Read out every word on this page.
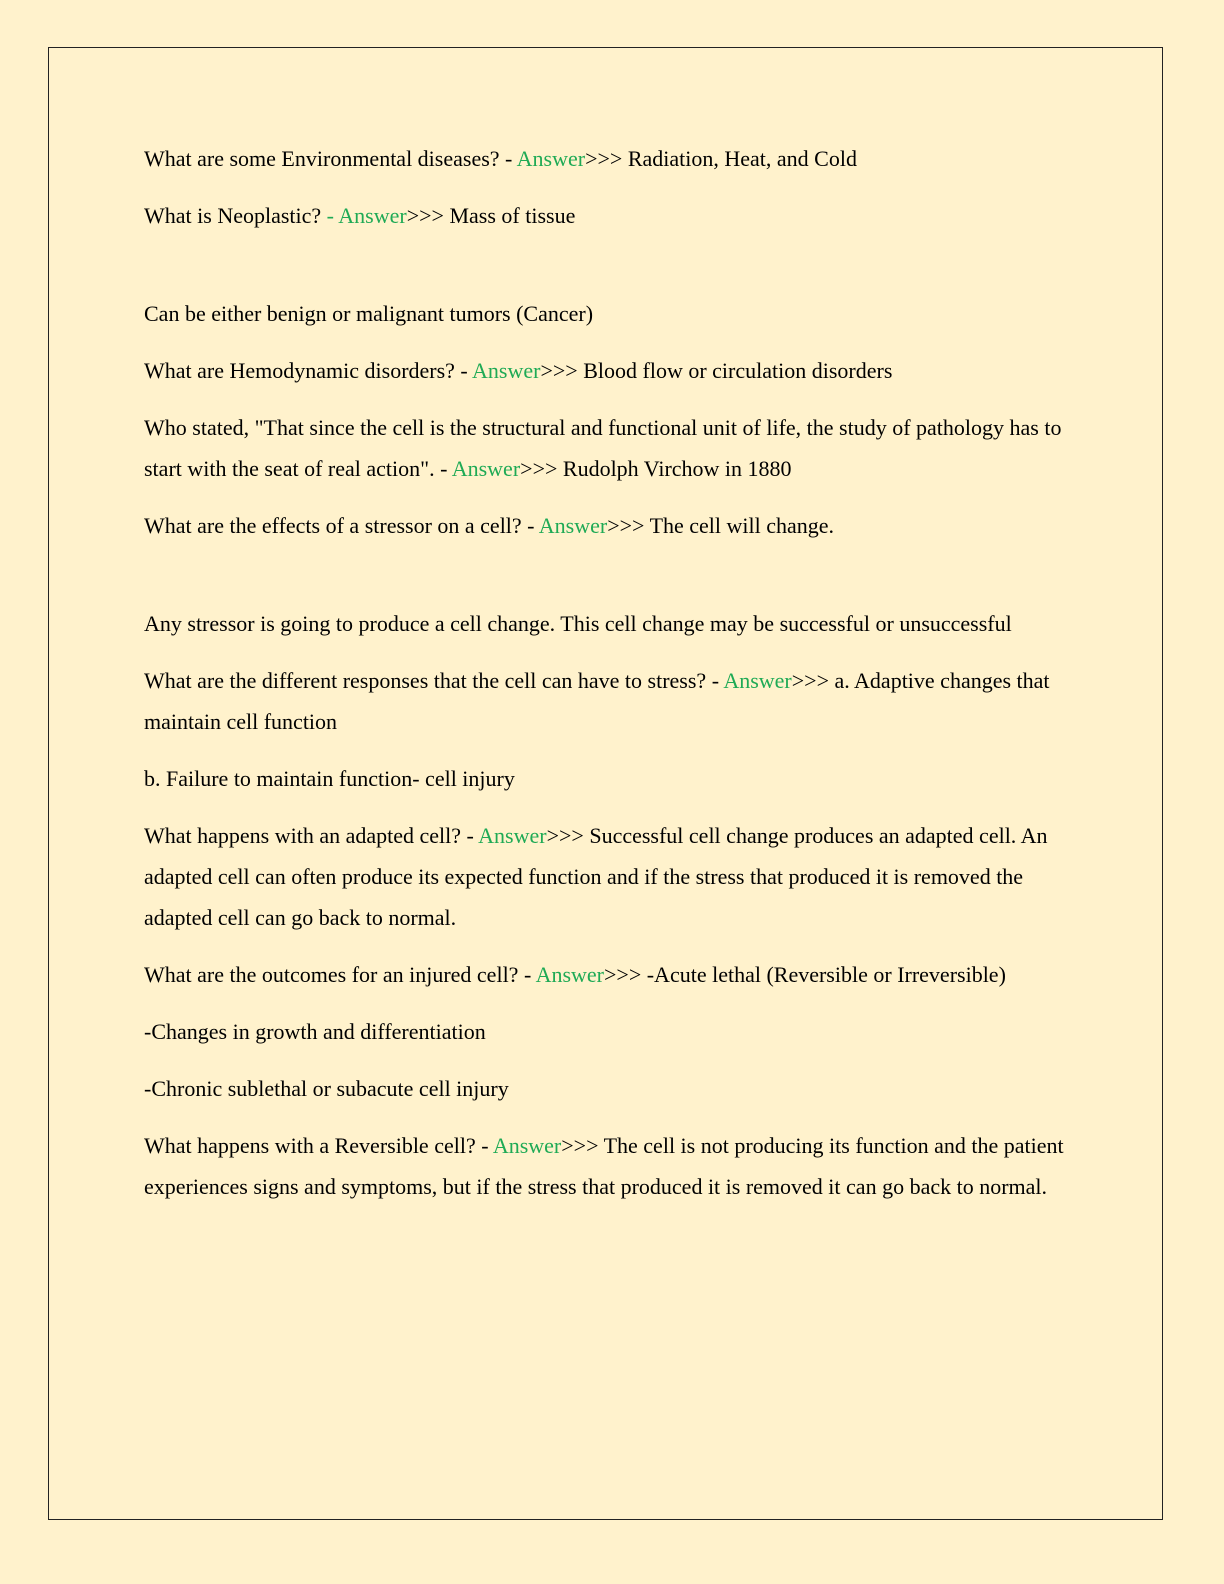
What are some Environmental diseases? - Answer>>> Radiation, Heat, and Cold

What is Neoplastic? - Answer>>> Mass of tissue

Can be either benign or malignant tumors (Cancer)

What are Hemodynamic disorders? - Answer>>> Blood flow or circulation disorders

Who stated, "That since the cell is the structural and functional unit of life, the study of pathology has to start with the seat of real action". - Answer>>> Rudolph Virchow in 1880

What are the effects of a stressor on a cell? - Answer>>> The cell will change.

Any stressor is going to produce a cell change. This cell change may be successful or unsuccessful

What are the different responses that the cell can have to stress? - Answer>>> a. Adaptive changes that maintain cell function

b. Failure to maintain function- cell injury

What happens with an adapted cell? - Answer>>> Successful cell change produces an adapted cell. An adapted cell can often produce its expected function and if the stress that produced it is removed the adapted cell can go back to normal.

What are the outcomes for an injured cell? - Answer>>> -Acute lethal (Reversible or Irreversible)

-Changes in growth and differentiation

-Chronic sublethal or subacute cell injury

What happens with a Reversible cell? - Answer>>> The cell is not producing its function and the patient experiences signs and symptoms, but if the stress that produced it is removed it can go back to normal.
